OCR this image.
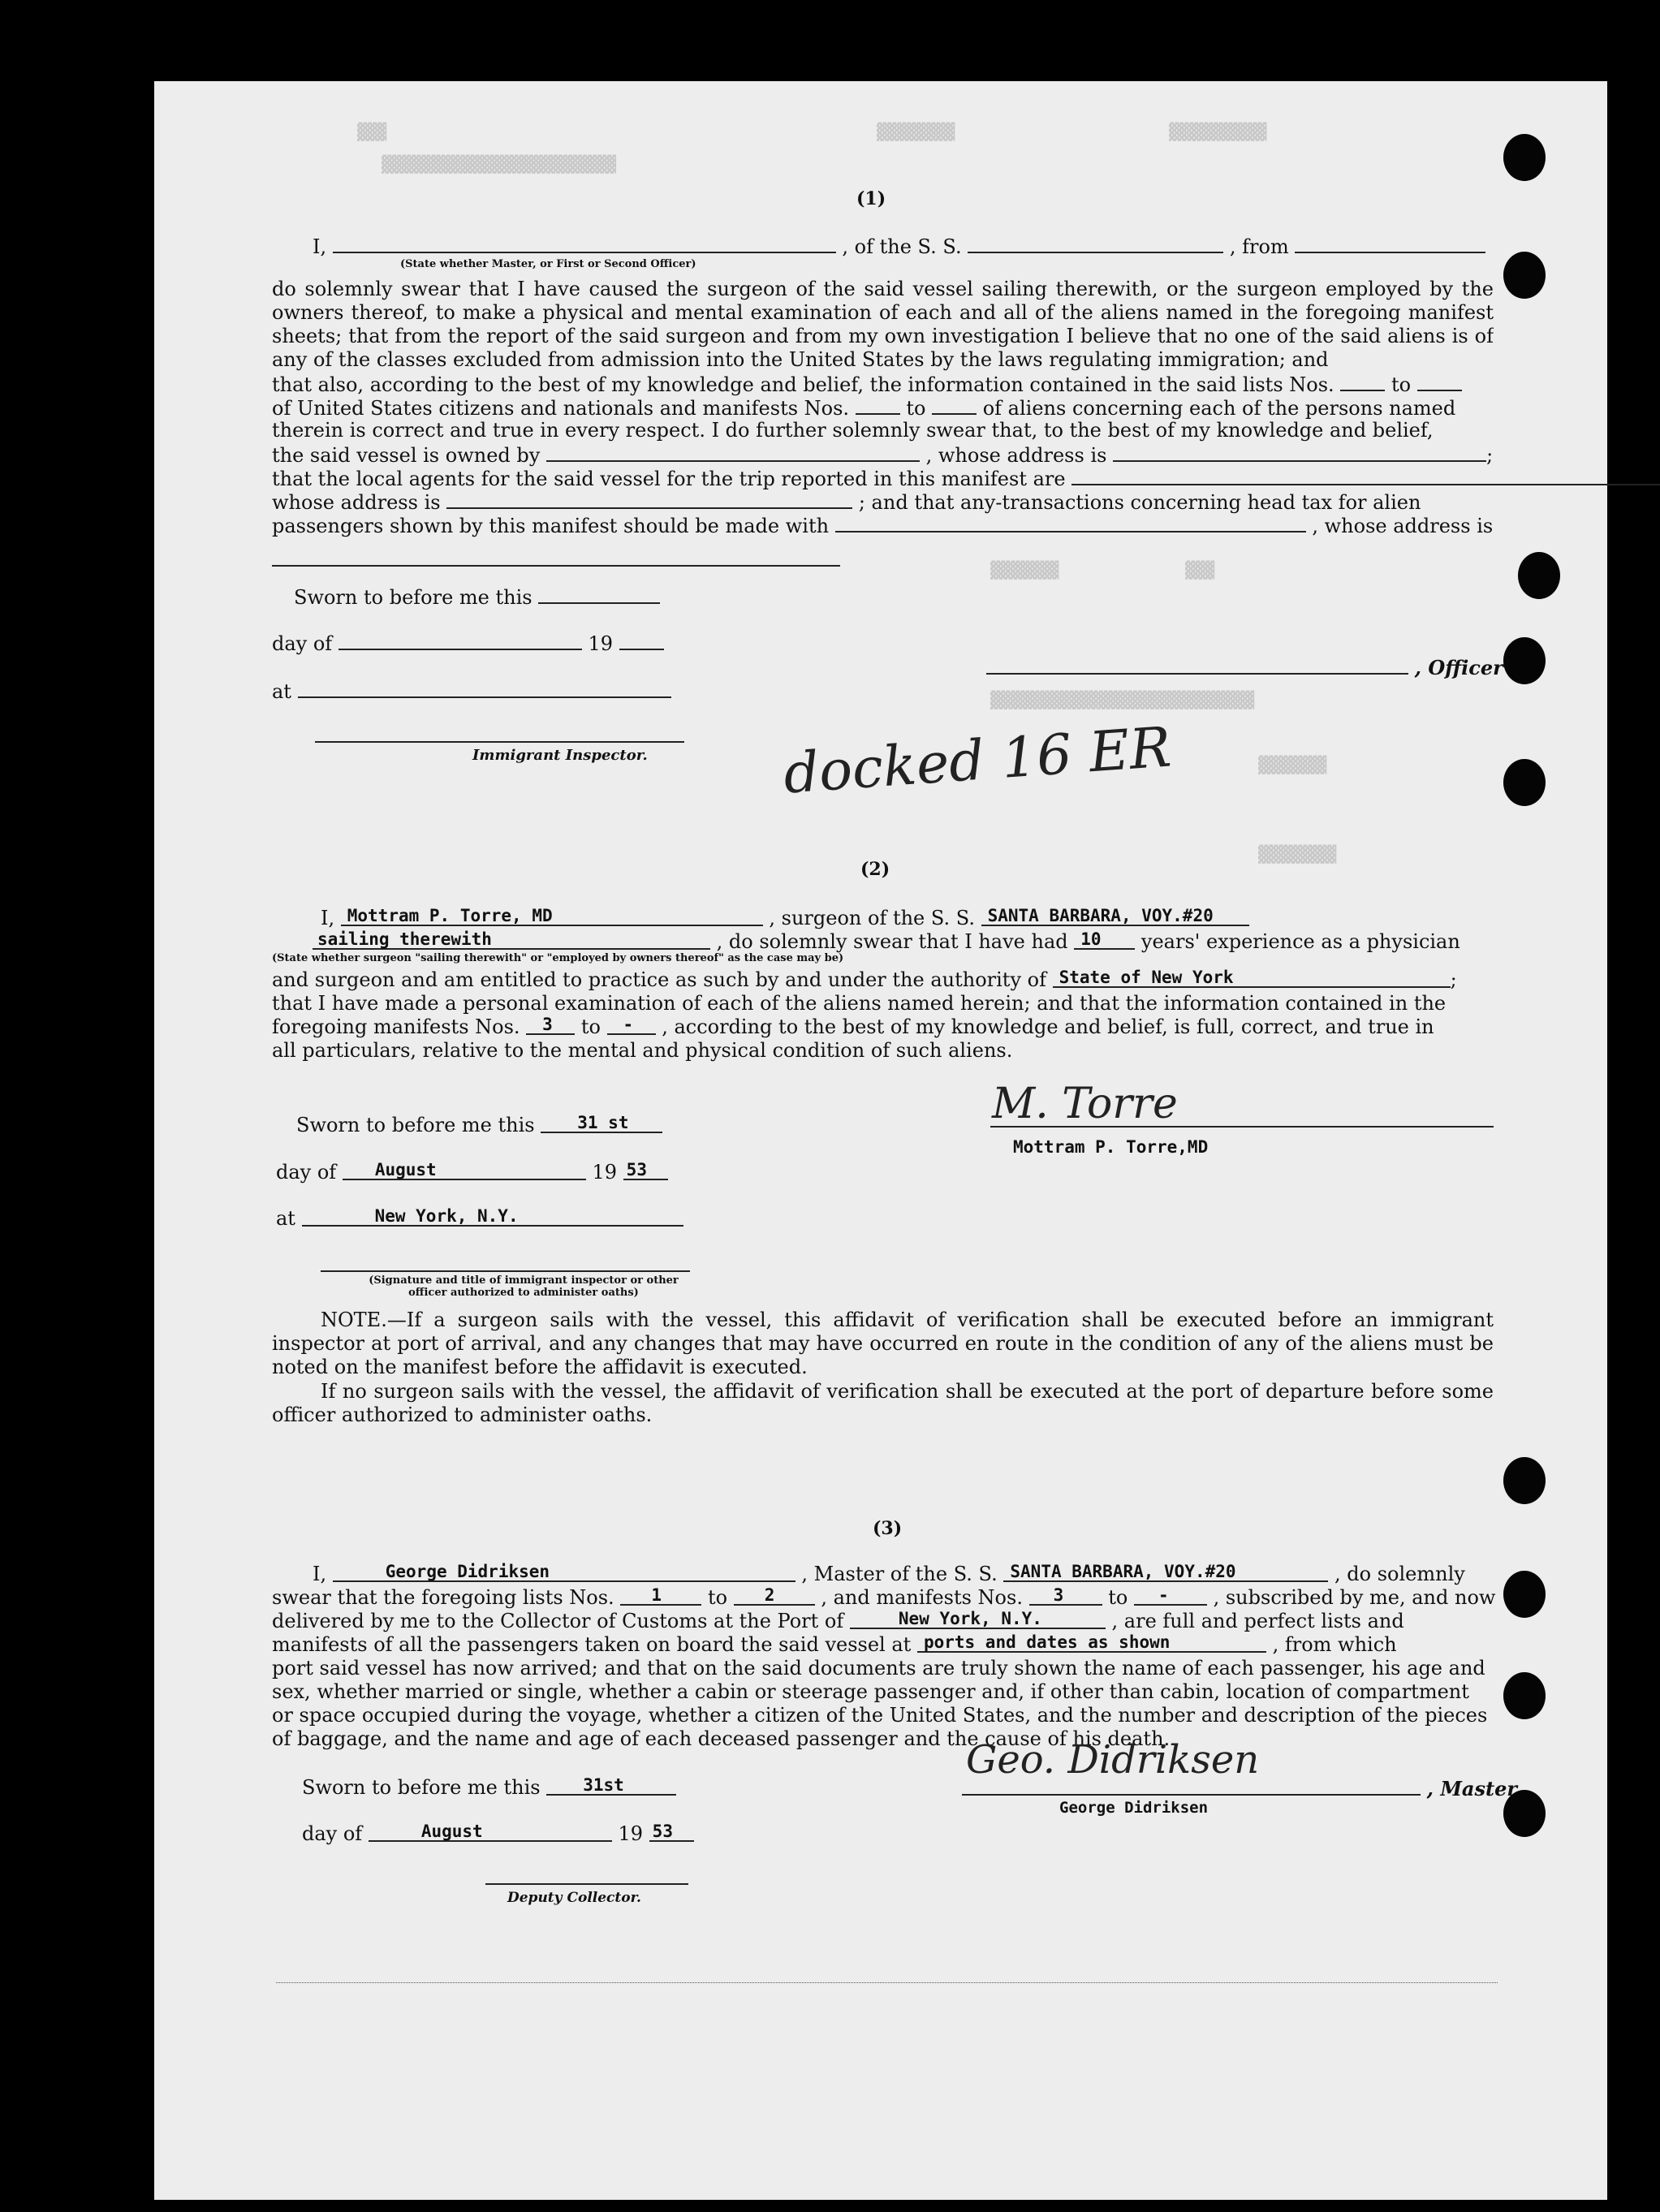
▓▓▓
▓▓▓▓▓▓▓▓▓▓▓▓▓▓▓▓▓▓▓▓▓▓▓▓
▓▓▓▓▓▓▓▓	▓▓▓▓▓▓▓▓▓▓
▓▓▓
▓▓▓▓▓▓▓
▓▓▓▓▓▓▓▓▓▓▓▓▓▓▓▓▓▓▓▓▓▓▓▓▓▓▓
▓▓▓▓▓▓▓
▓▓▓▓▓▓▓▓
(1)
I,	, of the S. S.	, from
(State whether Master, or First or Second Officer)
do solemnly swear that I have caused the surgeon of the said vessel sailing therewith, or the surgeon employed by the owners thereof, to make a physical and mental examination of each and all of the aliens named in the foregoing manifest sheets; that from the report of the said surgeon and from my own investigation I believe that no one of the said aliens is of any of the classes excluded from admission into the United States by the laws regulating immigration; and
that also, according to the best of my knowledge and belief, the information contained in the said lists Nos.	to
of United States citizens and nationals and manifests Nos.	to	of aliens concerning each of the persons named
therein is correct and true in every respect. I do further solemnly swear that, to the best of my knowledge and belief,
the said vessel is owned by	, whose address is	;
that the local agents for the said vessel for the trip reported in this manifest are
whose address is	; and that any-transactions concerning head tax for alien
passengers shown by this manifest should be made with	, whose address is
Sworn to before me this
day of	19
, Officer
at
Immigrant Inspector. docked 16 ER
(2)
I, Mottram P. Torre, MD	, surgeon of the S. S. SANTA BARBARA, VOY.#20
sailing therewith	, do solemnly swear that I have had 10 years' experience as a physician
(State whether surgeon "sailing therewith" or "employed by owners thereof" as the case may be)
and surgeon and am entitled to practice as such by and under the authority of State of New York	;
that I have made a personal examination of each of the aliens named herein; and that the information contained in the
foregoing manifests Nos. 3 to - , according to the best of my knowledge and belief, is full, correct, and true in
all particulars, relative to the mental and physical condition of such aliens.
Sworn to before me this	31 st
day of August	19 53
at	New York, N.Y.
(Signature and title of immigrant inspector or other officer authorized to administer oaths)
M. Torre
Mottram P. Torre,MD
NOTE.—If a surgeon sails with the vessel, this affidavit of verification shall be executed before an immigrant inspector at port of arrival, and any changes that may have occurred en route in the condition of any of the aliens must be noted on the manifest before the affidavit is executed.
If no surgeon sails with the vessel, the affidavit of verification shall be executed at the port of departure before some officer authorized to administer oaths.
(3)
I,	George Didriksen	, Master of the S. S. SANTA BARBARA, VOY.#20	, do solemnly
swear that the foregoing lists Nos. 1 to 2 , and manifests Nos. 3 to - , subscribed by me, and now
delivered by me to the Collector of Customs at the Port of	New York, N.Y.	, are full and perfect lists and
manifests of all the passengers taken on board the said vessel at ports and dates as shown	, from which
port said vessel has now arrived; and that on the said documents are truly shown the name of each passenger, his age and
sex, whether married or single, whether a cabin or steerage passenger and, if other than cabin, location of compartment
or space occupied during the voyage, whether a citizen of the United States, and the number and description of the pieces
of baggage, and the name and age of each deceased passenger and the cause of his death.
Sworn to before me this	31st
day of	August	19 53
Deputy Collector.
, Master
Geo. Didriksen
George Didriksen
